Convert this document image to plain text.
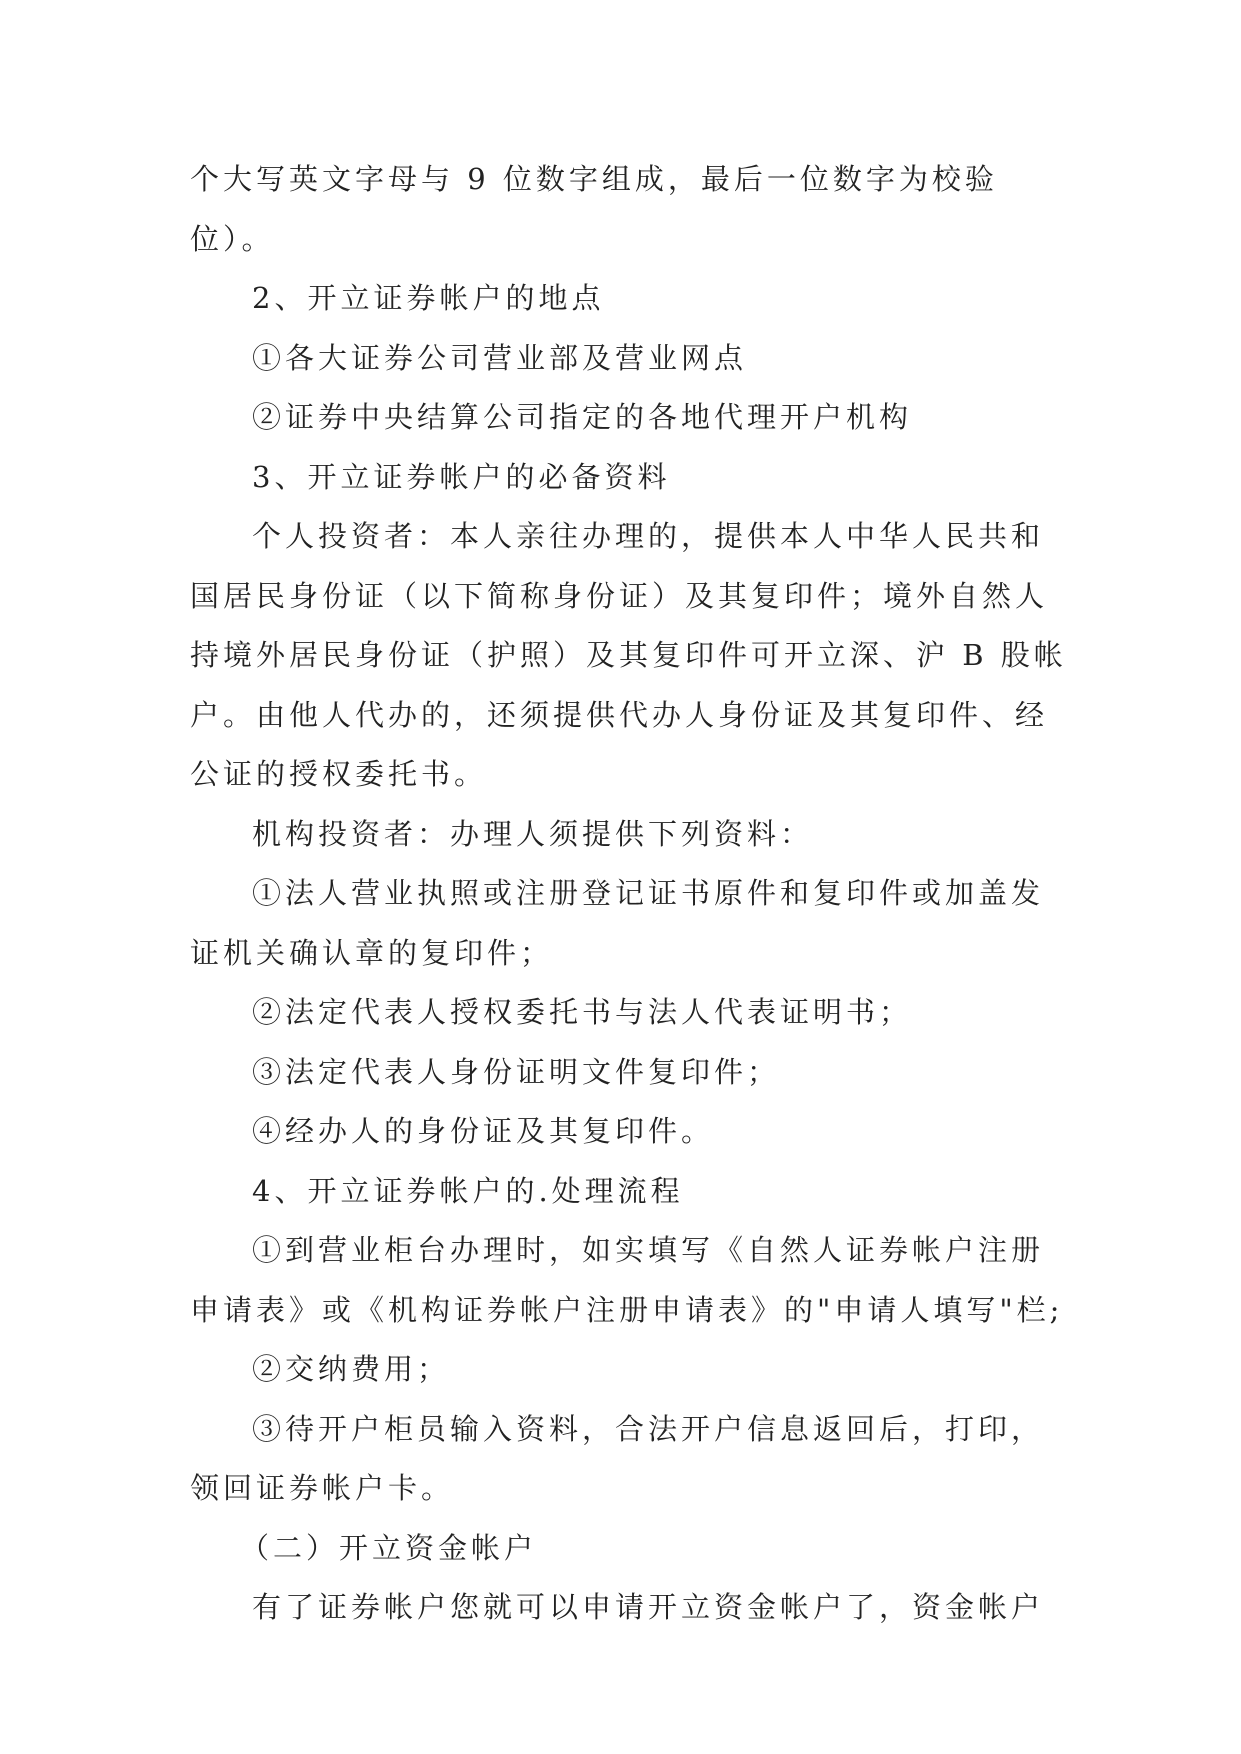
个大写英文字母与 9 位数字组成，最后一位数字为校验位）。

2、开立证券帐户的地点

①各大证券公司营业部及营业网点

②证券中央结算公司指定的各地代理开户机构

3、开立证券帐户的必备资料

个人投资者：本人亲往办理的，提供本人中华人民共和国居民身份证（以下简称身份证）及其复印件；境外自然人持境外居民身份证（护照）及其复印件可开立深、沪 B 股帐户。由他人代办的，还须提供代办人身份证及其复印件、经公证的授权委托书。

机构投资者：办理人须提供下列资料：

①法人营业执照或注册登记证书原件和复印件或加盖发证机关确认章的复印件；

②法定代表人授权委托书与法人代表证明书；

③法定代表人身份证明文件复印件；

④经办人的身份证及其复印件。

4、开立证券帐户的.处理流程

①到营业柜台办理时，如实填写《自然人证券帐户注册申请表》或《机构证券帐户注册申请表》的"申请人填写"栏;

②交纳费用；

③待开户柜员输入资料，合法开户信息返回后，打印，领回证券帐户卡。

（二）开立资金帐户

有了证券帐户您就可以申请开立资金帐户了，资金帐户
